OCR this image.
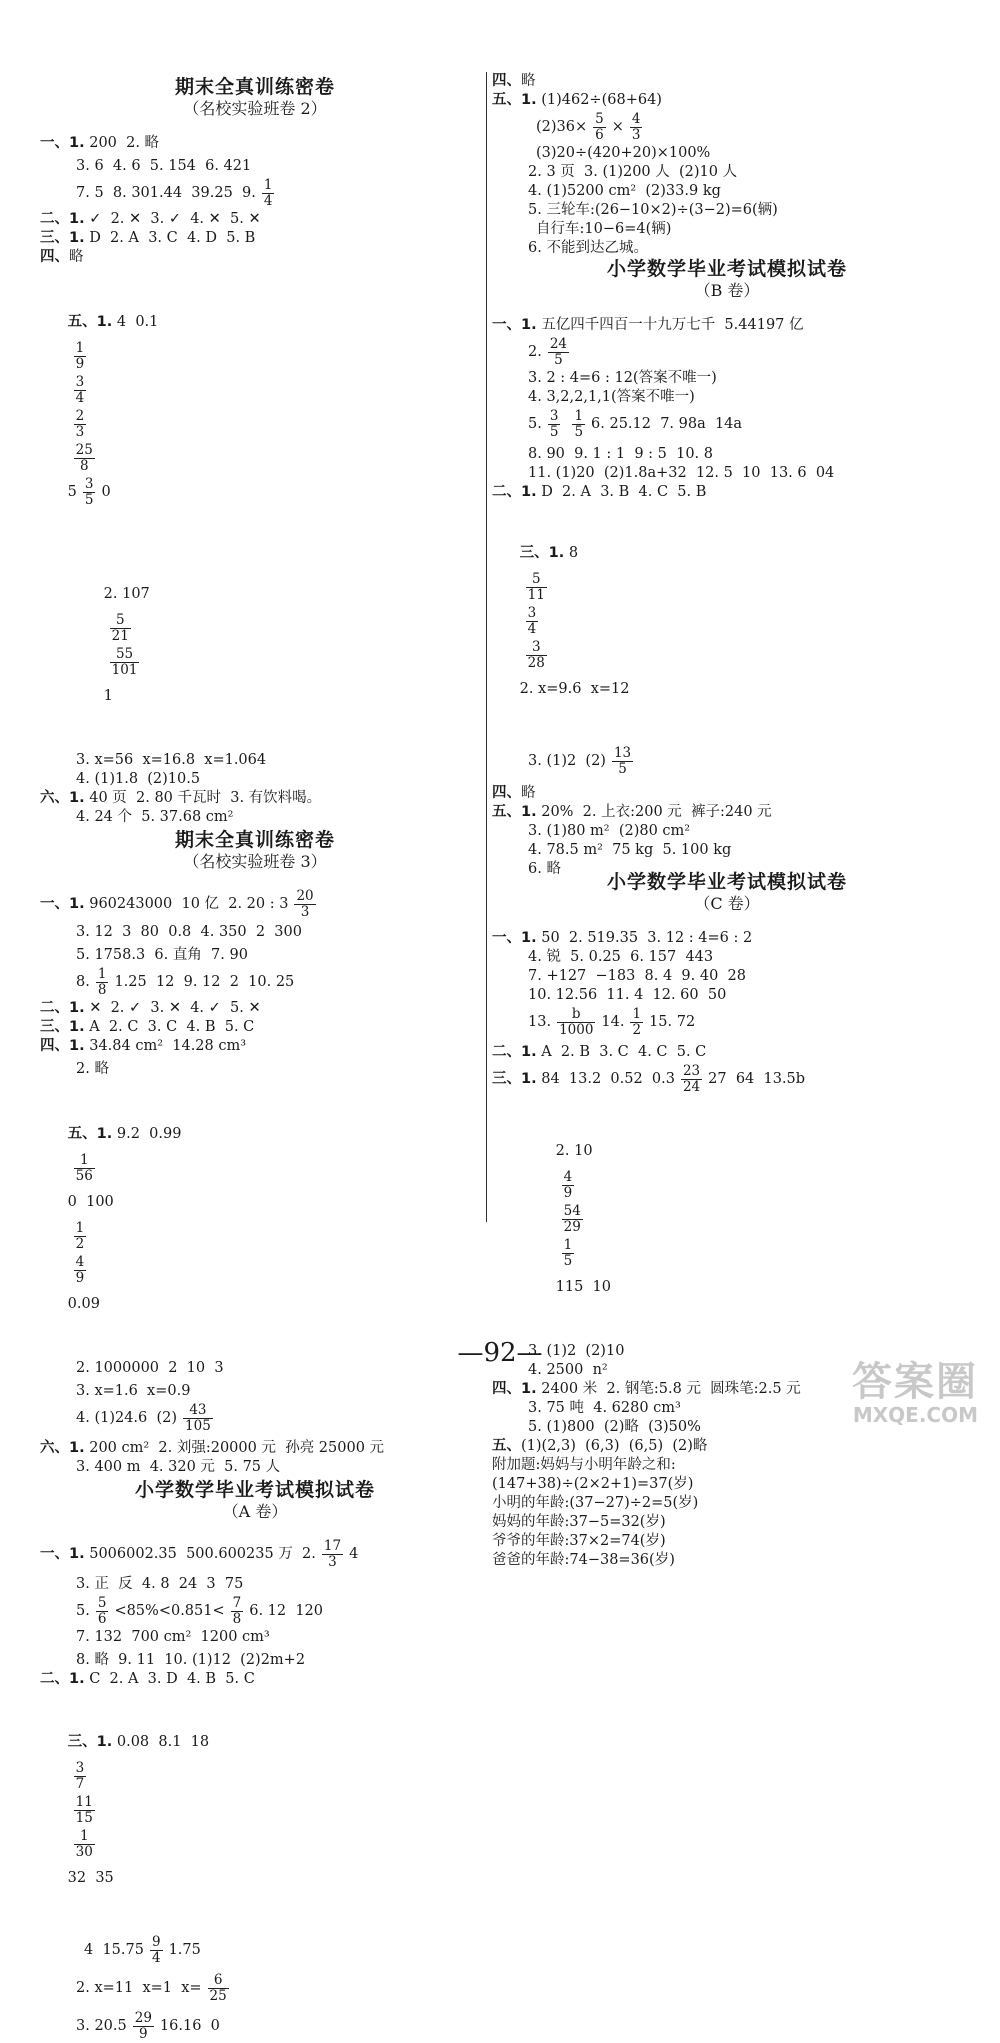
期末全真训练密卷
（名校实验班卷 2）
一、1. 200  2. 略
3. 6  4. 6  5. 154  6. 421
7. 5  8. 301.44  39.25  9. $\frac{1}{4}$
二、1. ✓  2. ✕  3. ✓  4. ✕  5. ✕
三、1. D  2. A  3. C  4. D  5. B
四、略

五、1. 4  0.1

$\frac{1}{9}$

$\frac{3}{4}$

$\frac{2}{3}$

$\frac{25}{8}$

$5 \frac{3}{5} 0$

2. 107

$\frac{5}{21}$

$\frac{55}{101}$

1

3. x=56  x=16.8  x=1.064
4. (1)1.8  (2)10.5
六、1. 40 页  2. 80 千瓦时  3. 有饮料喝。
4. 24 个  5. 37.68 cm²
期末全真训练密卷
（名校实验班卷 3）
一、1. 960243000  10 亿  2. 20 : $3 \frac{20}{3}$
3. 12  3  80  0.8  4. 350  2  300
5. 1758.3  6. 直角  7. 90
8. $\frac{1}{8} 1.25$  12  9. 12  2  10. 25
二、1. ✕  2. ✓  3. ✕  4. ✓  5. ✕
三、1. A  2. C  3. C  4. B  5. C
四、1. 34.84 cm²  14.28 cm³
2. 略

五、1. 9.2  0.99

$\frac{1}{56}$

0  100

$\frac{1}{2}$

$\frac{4}{9}$

0.09

2. 1000000  2  10  3
3. x=1.6  x=0.9
4. (1)24.6  $(2) \frac{43}{105}$
六、1. 200 cm²  2. 刘强:20000 元  孙亮 25000 元
3. 400 m  4. 320 元  5. 75 人
小学数学毕业考试模拟试卷
（A 卷）
一、1. 5006002.35  500.600235 万  2. $\frac{17}{3} 4$
3. 正  反  4. 8  24  3  75
5. $\frac{5}{6} <85\%<0.851< \frac{7}{8} 6$. 12  120
7. 132  700 cm²  1200 cm³
8. 略  9. 11  10. (1)12  (2)2m+2
二、1. C  2. A  3. D  4. B  5. C

三、1. 0.08  8.1  18

$\frac{3}{7}$

$\frac{11}{15}$

$\frac{1}{30}$

32  35

4  $15.75 \frac{9}{4} 1.75$
2. x=11  x=1  $x= \frac{6}{25}$
3. $20.5 \frac{29}{9} 16.16$  0
四、略
五、1. (1)462÷(68+64)
$(2)36\times \frac{5}{6} \times \frac{4}{3}$
(3)20÷(420+20)×100%
2. 3 页  3. (1)200 人  (2)10 人
4. (1)5200 cm²  (2)33.9 kg
5. 三轮车:(26−10×2)÷(3−2)=6(辆)
自行车:10−6=4(辆)
6. 不能到达乙城。
小学数学毕业考试模拟试卷
（B 卷）
一、1. 五亿四千四百一十九万七千  5.44197 亿
2. $\frac{24}{5}$
3. 2 : 4=6 : 12(答案不唯一)
4. 3,2,2,1,1(答案不唯一)
5. $\frac{3}{5} \frac{1}{5} 6$. 25.12  7. 98a  14a
8. 90  9. 1 : 1  9 : 5  10. 8
11. (1)20  (2)1.8a+32  12. 5  10  13. 6  04
二、1. D  2. A  3. B  4. C  5. B

三、1. 8

$\frac{5}{11}$

$\frac{3}{4}$

$\frac{3}{28}$

2. x=9.6  x=12

3. (1)2  $(2) \frac{13}{5}$
四、略
五、1. 20%  2. 上衣:200 元  裤子:240 元
3. (1)80 m²  (2)80 cm²
4. 78.5 m²  75 kg  5. 100 kg
6. 略
小学数学毕业考试模拟试卷
（C 卷）
一、1. 50  2. 519.35  3. 12 : 4=6 : 2
4. 锐  5. 0.25  6. 157  443
7. +127  −183  8. 4  9. 40  28
10. 12.56  11. 4  12. 60  50
13. $\frac{b}{1000} 14$. $\frac{1}{2} 15$. 72
二、1. A  2. B  3. C  4. C  5. C
三、1. 84  13.2  0.52  $0.3 \frac{23}{24} 27$  64  13.5b

2. 10

$\frac{4}{9}$

$\frac{54}{29}$

$\frac{1}{5}$

115  10

3. (1)2  (2)10
4. 2500  n²
四、1. 2400 米  2. 钢笔:5.8 元  圆珠笔:2.5 元
3. 75 吨  4. 6280 cm³
5. (1)800  (2)略  (3)50%
五、(1)(2,3)  (6,3)  (6,5)  (2)略
附加题:妈妈与小明年龄之和:
(147+38)÷(2×2+1)=37(岁)
小明的年龄:(37−27)÷2=5(岁)
妈妈的年龄:37−5=32(岁)
爷爷的年龄:37×2=74(岁)
爸爸的年龄:74−38=36(岁)
—92—
答案圈
MXQE.COM
